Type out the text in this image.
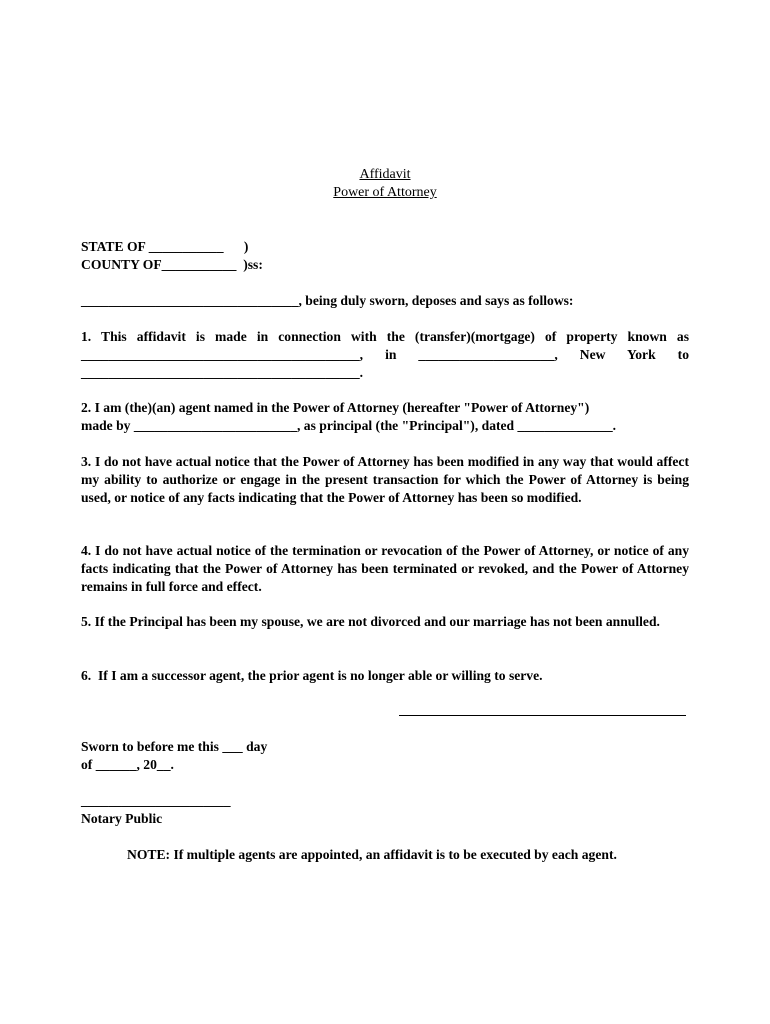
Affidavit
Power of Attorney
STATE OF ___________      )
COUNTY OF___________  )ss:
________________________________, being duly sworn, deposes and says as follows:
1. This affidavit is made in connection with the (transfer)(mortgage) of property known as
_________________________________________, in ____________________, New York to
_________________________________________.
2. I am (the)(an) agent named in the Power of Attorney (hereafter "Power of Attorney")
made by ________________________, as principal (the "Principal"), dated ______________.
3. I do not have actual notice that the Power of Attorney has been modified in any way that would affect my ability to authorize or engage in the present transaction for which the Power of Attorney is being used, or notice of any facts indicating that the Power of Attorney has been so modified.
4. I do not have actual notice of the termination or revocation of the Power of Attorney, or notice of any facts indicating that the Power of Attorney has been terminated or revoked, and the Power of Attorney remains in full force and effect.
5. If the Principal has been my spouse, we are not divorced and our marriage has not been annulled.
6.  If I am a successor agent, the prior agent is no longer able or willing to serve.
Sworn to before me this ___ day
of ______, 20__.
______________________
Notary Public
NOTE: If multiple agents are appointed, an affidavit is to be executed by each agent.
